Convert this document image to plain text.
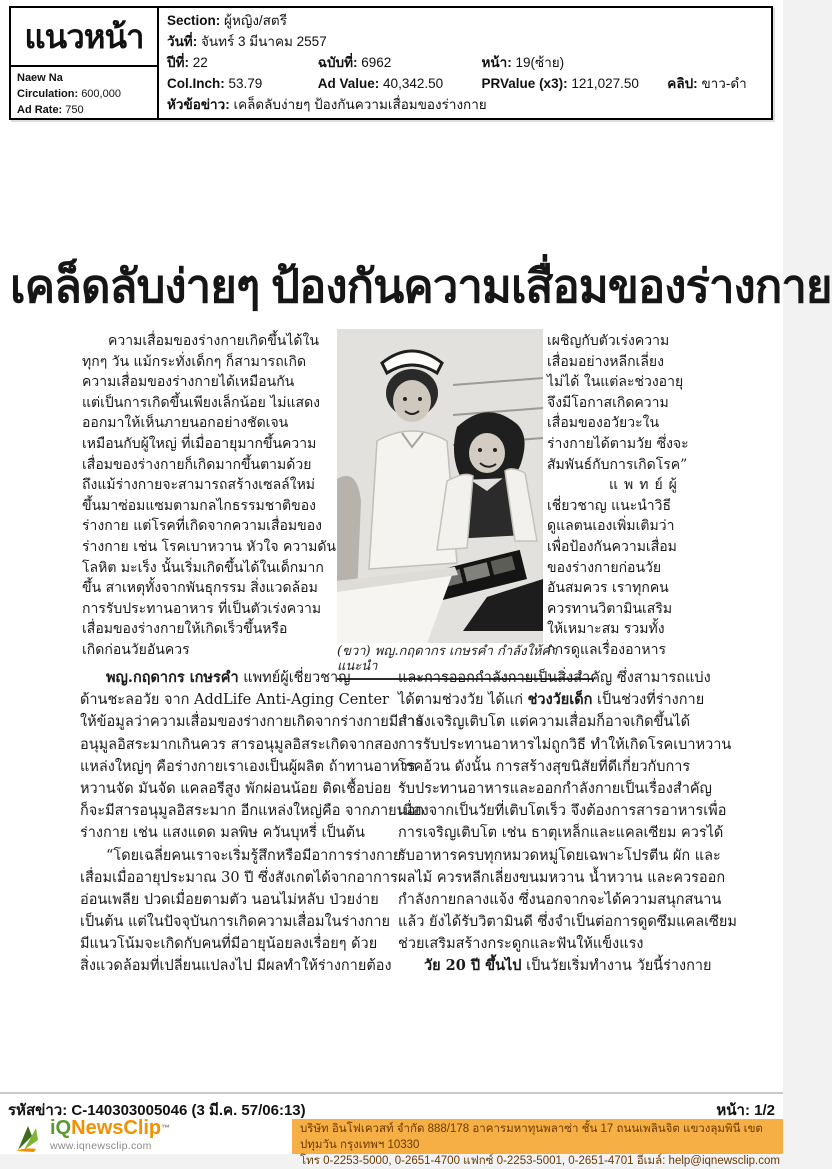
แนวหน้า
Naew Na
Circulation: 600,000
Ad Rate: 750
Section: ผู้หญิง/สตรี
วันที่: จันทร์ 3 มีนาคม 2557
ปีที่: 22	ฉบับที่: 6962	หน้า: 19(ซ้าย)
Col.Inch: 53.79	Ad Value: 40,342.50	PRValue (x3): 121,027.50 คลิป: ขาว-ดำ
หัวข้อข่าว: เคล็ดลับง่ายๆ ป้องกันความเสื่อมของร่างกาย
เคล็ดลับง่ายๆ ป้องกันความเสื่อมของร่างกาย
ความเสื่อมของร่างกายเกิดขึ้นได้ใน
ทุกๆ วัน แม้กระทั่งเด็กๆ ก็สามารถเกิด
ความเสื่อมของร่างกายได้เหมือนกัน
แต่เป็นการเกิดขึ้นเพียงเล็กน้อย ไม่แสดง
ออกมาให้เห็นภายนอกอย่างชัดเจน
เหมือนกับผู้ใหญ่ ที่เมื่ออายุมากขึ้นความ
เสื่อมของร่างกายก็เกิดมากขึ้นตามด้วย
ถึงแม้ร่างกายจะสามารถสร้างเซลล์ใหม่
ขึ้นมาซ่อมแซมตามกลไกธรรมชาติของ
ร่างกาย แต่โรคที่เกิดจากความเสื่อมของ
ร่างกาย เช่น โรคเบาหวาน หัวใจ ความดัน
โลหิต มะเร็ง นั้นเริ่มเกิดขึ้นได้ในเด็กมาก
ขึ้น สาเหตุทั้งจากพันธุกรรม สิ่งแวดล้อม
การรับประทานอาหาร ที่เป็นตัวเร่งความ
เสื่อมของร่างกายให้เกิดเร็วขึ้นหรือ
เกิดก่อนวัยอันควร
เผชิญกับตัวเร่งความ
เสื่อมอย่างหลีกเลี่ยง
ไม่ได้ ในแต่ละช่วงอายุ
จึงมีโอกาสเกิดความ
เสื่อมของอวัยวะใน
ร่างกายได้ตามวัย ซึ่งจะ
สัมพันธ์กับการเกิดโรค”
แพทย์ผู้
เชี่ยวชาญ แนะนำวิธี
ดูแลตนเองเพิ่มเติมว่า
เพื่อป้องกันความเสื่อม
ของร่างกายก่อนวัย
อันสมควร เราทุกคน
ควรทานวิตามินเสริม
ให้เหมาะสม รวมทั้ง
การดูแลเรื่องอาหาร
(ขวา) พญ.กฤดากร เกษรคำ กำลังให้คำแนะนำ
พญ.กฤดากร เกษรคำ แพทย์ผู้เชี่ยวชาญ
ด้านชะลอวัย จาก AddLife Anti-Aging Center
ให้ข้อมูลว่าความเสื่อมของร่างกายเกิดจากร่างกายมีสาร
อนุมูลอิสระมากเกินควร สารอนุมูลอิสระเกิดจากสอง
แหล่งใหญ่ๆ คือร่างกายเราเองเป็นผู้ผลิต ถ้าทานอาหาร
หวานจัด มันจัด แคลอรีสูง พักผ่อนน้อย ติดเชื้อบ่อย
ก็จะมีสารอนุมูลอิสระมาก อีกแหล่งใหญ่คือ จากภายนอก
ร่างกาย เช่น แสงแดด มลพิษ ควันบุหรี่ เป็นต้น
“โดยเฉลี่ยคนเราจะเริ่มรู้สึกหรือมีอาการร่างกาย
เสื่อมเมื่ออายุประมาณ 30 ปี ซึ่งสังเกตได้จากอาการ
อ่อนเพลีย ปวดเมื่อยตามตัว นอนไม่หลับ ป่วยง่าย
เป็นต้น แต่ในปัจจุบันการเกิดความเสื่อมในร่างกาย
มีแนวโน้มจะเกิดกับคนที่มีอายุน้อยลงเรื่อยๆ ด้วย
สิ่งแวดล้อมที่เปลี่ยนแปลงไป มีผลทำให้ร่างกายต้อง
และการออกกำลังกายเป็นสิ่งสำคัญ ซึ่งสามารถแบ่ง
ได้ตามช่วงวัย ได้แก่ ช่วงวัยเด็ก เป็นช่วงที่ร่างกาย
กำลังเจริญเติบโต แต่ความเสื่อมก็อาจเกิดขึ้นได้
การรับประทานอาหารไม่ถูกวิธี ทำให้เกิดโรคเบาหวาน
โรคอ้วน ดังนั้น การสร้างสุขนิสัยที่ดีเกี่ยวกับการ
รับประทานอาหารและออกกำลังกายเป็นเรื่องสำคัญ
เนื่องจากเป็นวัยที่เติบโตเร็ว จึงต้องการสารอาหารเพื่อ
การเจริญเติบโต เช่น ธาตุเหล็กและแคลเซียม ควรได้
รับอาหารครบทุกหมวดหมู่โดยเฉพาะโปรตีน ผัก และ
ผลไม้ ควรหลีกเลี่ยงขนมหวาน น้ำหวาน และควรออก
กำลังกายกลางแจ้ง ซึ่งนอกจากจะได้ความสนุกสนาน
แล้ว ยังได้รับวิตามินดี ซึ่งจำเป็นต่อการดูดซึมแคลเซียม
ช่วยเสริมสร้างกระดูกและฟันให้แข็งแรง
วัย 20 ปี ขึ้นไป เป็นวัยเริ่มทำงาน วัยนี้ร่างกาย
รหัสข่าว: C-140303005046 (3 มี.ค. 57/06:13)	หน้า: 1/2
iQNewsClip™
www.iqnewsclip.com
บริษัท อินโฟเควสท์ จำกัด 888/178 อาคารมหาทุนพลาซ่า ชั้น 17 ถนนเพลินจิต แขวงลุมพินี เขตปทุมวัน กรุงเทพฯ 10330
โทร 0-2253-5000, 0-2651-4700 แฟกซ์ 0-2253-5001, 0-2651-4701 อีเมล์: help@iqnewsclip.com
